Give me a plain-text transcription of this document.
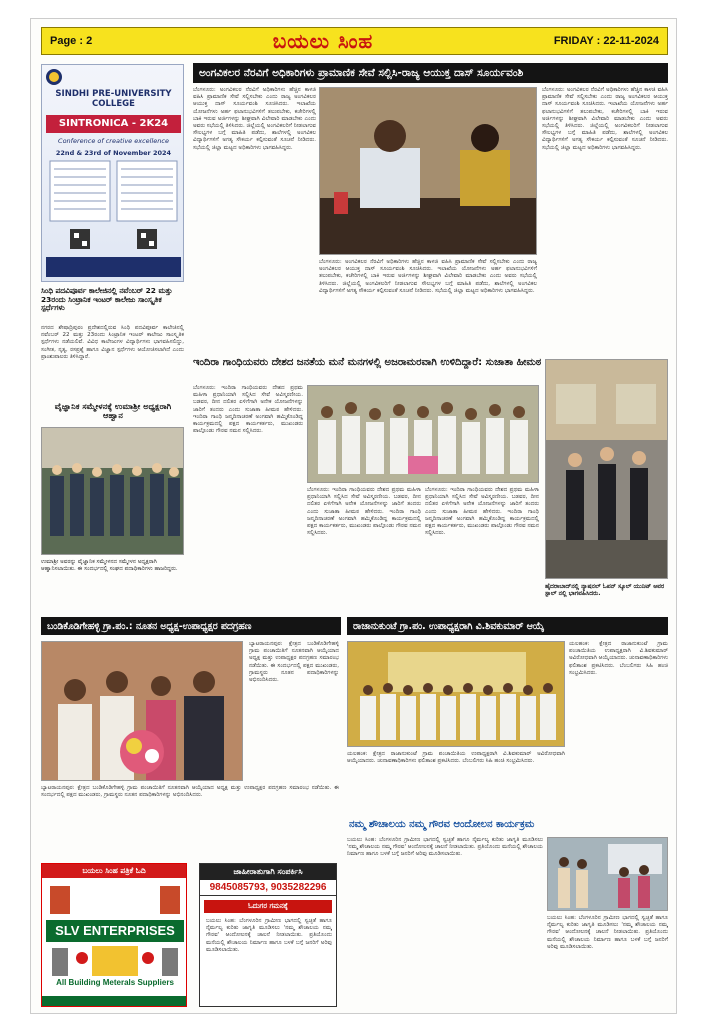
Page : 2	ಬಯಲು ಸಿಂಹ	FRIDAY : 22-11-2024
SINDHI PRE-UNIVERSITY COLLEGE
SINTRONICA - 2K24
Conference of creative excellence
22nd & 23rd of November 2024
ಸಿಂಧಿ ಪದವಿಪೂರ್ವ ಕಾಲೇಜಿನಲ್ಲಿ ನವೆಂಬರ್ 22 ಮತ್ತು 23ರಂದು ಸಿಂಟ್ರಾನಿಕ ಇಂಟರ್ ಕಾಲೇಜು ಸಾಂಸ್ಕೃತಿಕ ಸ್ಪರ್ಧೆಗಳು
ನಗರದ ಶೇಷಾದ್ರಿಪುರಂ ಪ್ರದೇಶದಲ್ಲಿರುವ ಸಿಂಧಿ ಪದವಿಪೂರ್ವ ಕಾಲೇಜಿನಲ್ಲಿ ನವೆಂಬರ್ 22 ಮತ್ತು 23ರಂದು ಸಿಂಟ್ರಾನಿಕ ಇಂಟರ್ ಕಾಲೇಜು ಸಾಂಸ್ಕೃತಿಕ ಸ್ಪರ್ಧೆಗಳು ನಡೆಯಲಿವೆ. ವಿವಿಧ ಕಾಲೇಜುಗಳ ವಿದ್ಯಾರ್ಥಿಗಳು ಭಾಗವಹಿಸಲಿದ್ದು, ಸಂಗೀತ, ನೃತ್ಯ, ರಸಪ್ರಶ್ನೆ ಹಾಗೂ ವಿಜ್ಞಾನ ಸ್ಪರ್ಧೆಗಳು ಆಯೋಜಿಸಲಾಗಿದೆ ಎಂದು ಪ್ರಾಂಶುಪಾಲರು ತಿಳಿಸಿದ್ದಾರೆ.
ವೈಜ್ಞಾನಿಕ ಸಮ್ಮೇಳನಕ್ಕೆ ಉಮಾಶ್ರೀ ಅಧ್ಯಕ್ಷರಾಗಿ ಆಹ್ವಾನ
ಉಮಾಶ್ರೀ ಅವರನ್ನು ವೈಜ್ಞಾನಿಕ ಸಮ್ಮೇಳನದ ಸಮ್ಮೇಳನ ಅಧ್ಯಕ್ಷರಾಗಿ ಆಹ್ವಾನಿಸಲಾಯಿತು. ಈ ಸಂದರ್ಭದಲ್ಲಿ ಸಂಘದ ಪದಾಧಿಕಾರಿಗಳು ಹಾಜರಿದ್ದರು.
ಅಂಗವಿಕಲರ ನೆರವಿಗೆ ಅಧಿಕಾರಿಗಳು ಪ್ರಾಮಾಣಿಕ ಸೇವೆ ಸಲ್ಲಿಸಿ-ರಾಜ್ಯ ಆಯುಕ್ತ ದಾಸ್ ಸೂರ್ಯವಂಶಿ
ಬೆಂಗಳೂರು: ಅಂಗವಿಕಲರ ನೆರವಿಗೆ ಅಧಿಕಾರಿಗಳು ಹೆಚ್ಚಿನ ಕಾಳಜಿ ವಹಿಸಿ ಪ್ರಾಮಾಣಿಕ ಸೇವೆ ಸಲ್ಲಿಸಬೇಕು ಎಂದು ರಾಜ್ಯ ಅಂಗವಿಕಲರ ಆಯುಕ್ತ ದಾಸ್ ಸೂರ್ಯವಂಶಿ ಸೂಚಿಸಿದರು. ಇಲಾಖೆಯ ಯೋಜನೆಗಳು ಅರ್ಹ ಫಲಾನುಭವಿಗಳಿಗೆ ತಲುಪಬೇಕು, ಕಚೇರಿಗಳಲ್ಲಿ ಬಾಕಿ ಇರುವ ಅರ್ಜಿಗಳನ್ನು ಶೀಘ್ರವಾಗಿ ವಿಲೇವಾರಿ ಮಾಡಬೇಕು ಎಂದು ಅವರು ಸಭೆಯಲ್ಲಿ ತಿಳಿಸಿದರು. ಜಿಲ್ಲೆಯಲ್ಲಿ ಅಂಗವಿಕಲರಿಗೆ ನೀಡಲಾಗುವ ಸೌಲಭ್ಯಗಳ ಬಗ್ಗೆ ಮಾಹಿತಿ ಪಡೆದು, ಶಾಲೆಗಳಲ್ಲಿ ಅಂಗವಿಕಲ ವಿದ್ಯಾರ್ಥಿಗಳಿಗೆ ಅಗತ್ಯ ಸೌಕರ್ಯ ಕಲ್ಪಿಸುವಂತೆ ಸೂಚನೆ ನೀಡಿದರು. ಸಭೆಯಲ್ಲಿ ಜಿಲ್ಲಾ ಮಟ್ಟದ ಅಧಿಕಾರಿಗಳು ಭಾಗವಹಿಸಿದ್ದರು.
ಬೆಂಗಳೂರು: ಅಂಗವಿಕಲರ ನೆರವಿಗೆ ಅಧಿಕಾರಿಗಳು ಹೆಚ್ಚಿನ ಕಾಳಜಿ ವಹಿಸಿ ಪ್ರಾಮಾಣಿಕ ಸೇವೆ ಸಲ್ಲಿಸಬೇಕು ಎಂದು ರಾಜ್ಯ ಅಂಗವಿಕಲರ ಆಯುಕ್ತ ದಾಸ್ ಸೂರ್ಯವಂಶಿ ಸೂಚಿಸಿದರು. ಇಲಾಖೆಯ ಯೋಜನೆಗಳು ಅರ್ಹ ಫಲಾನುಭವಿಗಳಿಗೆ ತಲುಪಬೇಕು, ಕಚೇರಿಗಳಲ್ಲಿ ಬಾಕಿ ಇರುವ ಅರ್ಜಿಗಳನ್ನು ಶೀಘ್ರವಾಗಿ ವಿಲೇವಾರಿ ಮಾಡಬೇಕು ಎಂದು ಅವರು ಸಭೆಯಲ್ಲಿ ತಿಳಿಸಿದರು. ಜಿಲ್ಲೆಯಲ್ಲಿ ಅಂಗವಿಕಲರಿಗೆ ನೀಡಲಾಗುವ ಸೌಲಭ್ಯಗಳ ಬಗ್ಗೆ ಮಾಹಿತಿ ಪಡೆದು, ಶಾಲೆಗಳಲ್ಲಿ ಅಂಗವಿಕಲ ವಿದ್ಯಾರ್ಥಿಗಳಿಗೆ ಅಗತ್ಯ ಸೌಕರ್ಯ ಕಲ್ಪಿಸುವಂತೆ ಸೂಚನೆ ನೀಡಿದರು. ಸಭೆಯಲ್ಲಿ ಜಿಲ್ಲಾ ಮಟ್ಟದ ಅಧಿಕಾರಿಗಳು ಭಾಗವಹಿಸಿದ್ದರು.
ಬೆಂಗಳೂರು: ಅಂಗವಿಕಲರ ನೆರವಿಗೆ ಅಧಿಕಾರಿಗಳು ಹೆಚ್ಚಿನ ಕಾಳಜಿ ವಹಿಸಿ ಪ್ರಾಮಾಣಿಕ ಸೇವೆ ಸಲ್ಲಿಸಬೇಕು ಎಂದು ರಾಜ್ಯ ಅಂಗವಿಕಲರ ಆಯುಕ್ತ ದಾಸ್ ಸೂರ್ಯವಂಶಿ ಸೂಚಿಸಿದರು. ಇಲಾಖೆಯ ಯೋಜನೆಗಳು ಅರ್ಹ ಫಲಾನುಭವಿಗಳಿಗೆ ತಲುಪಬೇಕು, ಕಚೇರಿಗಳಲ್ಲಿ ಬಾಕಿ ಇರುವ ಅರ್ಜಿಗಳನ್ನು ಶೀಘ್ರವಾಗಿ ವಿಲೇವಾರಿ ಮಾಡಬೇಕು ಎಂದು ಅವರು ಸಭೆಯಲ್ಲಿ ತಿಳಿಸಿದರು. ಜಿಲ್ಲೆಯಲ್ಲಿ ಅಂಗವಿಕಲರಿಗೆ ನೀಡಲಾಗುವ ಸೌಲಭ್ಯಗಳ ಬಗ್ಗೆ ಮಾಹಿತಿ ಪಡೆದು, ಶಾಲೆಗಳಲ್ಲಿ ಅಂಗವಿಕಲ ವಿದ್ಯಾರ್ಥಿಗಳಿಗೆ ಅಗತ್ಯ ಸೌಕರ್ಯ ಕಲ್ಪಿಸುವಂತೆ ಸೂಚನೆ ನೀಡಿದರು. ಸಭೆಯಲ್ಲಿ ಜಿಲ್ಲಾ ಮಟ್ಟದ ಅಧಿಕಾರಿಗಳು ಭಾಗವಹಿಸಿದ್ದರು.
ಇಂದಿರಾ ಗಾಂಧಿಯವರು ದೇಶದ ಜನತೆಯ ಮನೆ ಮನಗಳಲ್ಲಿ ಅಜರಾಮರವಾಗಿ ಉಳಿದಿದ್ದಾರೆ: ಸುಜಾತಾ ಹೀಮಠ
ಬೆಂಗಳೂರು: ಇಂದಿರಾ ಗಾಂಧಿಯವರು ದೇಶದ ಪ್ರಥಮ ಮಹಿಳಾ ಪ್ರಧಾನಿಯಾಗಿ ಸಲ್ಲಿಸಿದ ಸೇವೆ ಅವಿಸ್ಮರಣೀಯ. ಬಡವರ, ದೀನ ದಲಿತರ ಏಳಿಗೆಗಾಗಿ ಅನೇಕ ಯೋಜನೆಗಳನ್ನು ಜಾರಿಗೆ ತಂದರು ಎಂದು ಸುಜಾತಾ ಹೀಮಠ ಹೇಳಿದರು. ಇಂದಿರಾ ಗಾಂಧಿ ಜನ್ಮದಿನಾಚರಣೆ ಅಂಗವಾಗಿ ಹಮ್ಮಿಕೊಂಡಿದ್ದ ಕಾರ್ಯಕ್ರಮದಲ್ಲಿ ಪಕ್ಷದ ಕಾರ್ಯಕರ್ತರು, ಮುಖಂಡರು ಪಾಲ್ಗೊಂಡು ಗೌರವ ನಮನ ಸಲ್ಲಿಸಿದರು.
ಬೆಂಗಳೂರು: ಇಂದಿರಾ ಗಾಂಧಿಯವರು ದೇಶದ ಪ್ರಥಮ ಮಹಿಳಾ ಪ್ರಧಾನಿಯಾಗಿ ಸಲ್ಲಿಸಿದ ಸೇವೆ ಅವಿಸ್ಮರಣೀಯ. ಬಡವರ, ದೀನ ದಲಿತರ ಏಳಿಗೆಗಾಗಿ ಅನೇಕ ಯೋಜನೆಗಳನ್ನು ಜಾರಿಗೆ ತಂದರು ಎಂದು ಸುಜಾತಾ ಹೀಮಠ ಹೇಳಿದರು. ಇಂದಿರಾ ಗಾಂಧಿ ಜನ್ಮದಿನಾಚರಣೆ ಅಂಗವಾಗಿ ಹಮ್ಮಿಕೊಂಡಿದ್ದ ಕಾರ್ಯಕ್ರಮದಲ್ಲಿ ಪಕ್ಷದ ಕಾರ್ಯಕರ್ತರು, ಮುಖಂಡರು ಪಾಲ್ಗೊಂಡು ಗೌರವ ನಮನ ಸಲ್ಲಿಸಿದರು.
ಬೆಂಗಳೂರು: ಇಂದಿರಾ ಗಾಂಧಿಯವರು ದೇಶದ ಪ್ರಥಮ ಮಹಿಳಾ ಪ್ರಧಾನಿಯಾಗಿ ಸಲ್ಲಿಸಿದ ಸೇವೆ ಅವಿಸ್ಮರಣೀಯ. ಬಡವರ, ದೀನ ದಲಿತರ ಏಳಿಗೆಗಾಗಿ ಅನೇಕ ಯೋಜನೆಗಳನ್ನು ಜಾರಿಗೆ ತಂದರು ಎಂದು ಸುಜಾತಾ ಹೀಮಠ ಹೇಳಿದರು. ಇಂದಿರಾ ಗಾಂಧಿ ಜನ್ಮದಿನಾಚರಣೆ ಅಂಗವಾಗಿ ಹಮ್ಮಿಕೊಂಡಿದ್ದ ಕಾರ್ಯಕ್ರಮದಲ್ಲಿ ಪಕ್ಷದ ಕಾರ್ಯಕರ್ತರು, ಮುಖಂಡರು ಪಾಲ್ಗೊಂಡು ಗೌರವ ನಮನ ಸಲ್ಲಿಸಿದರು.
ಹೈದರಾಬಾದ್‌ನಲ್ಲಿ ನ್ಯಾಷನಲ್ ಓಪನ್ ಸ್ಕೂಲ್ ಯುನಿಟ್ ಅವರ ಸ್ಟಾಲ್ ನಲ್ಲಿ ಭಾಗವಹಿಸಿದರು.
ಬಂಡಿಕೊಡಿಗೇಹಳ್ಳಿ ಗ್ರಾ.ಪಂ.: ನೂತನ ಅಧ್ಯಕ್ಷ-ಉಪಾಧ್ಯಕ್ಷರ ಪದಗ್ರಹಣ
ಬ್ಯಾಟರಾಯನಪುರ: ಕ್ಷೇತ್ರದ ಬಂಡಿಕೊಡಿಗೇಹಳ್ಳಿ ಗ್ರಾಮ ಪಂಚಾಯಿತಿಗೆ ನೂತನವಾಗಿ ಆಯ್ಕೆಯಾದ ಅಧ್ಯಕ್ಷ ಮತ್ತು ಉಪಾಧ್ಯಕ್ಷರ ಪದಗ್ರಹಣ ಸಮಾರಂಭ ನಡೆಯಿತು. ಈ ಸಂದರ್ಭದಲ್ಲಿ ಪಕ್ಷದ ಮುಖಂಡರು, ಗ್ರಾಮಸ್ಥರು ನೂತನ ಪದಾಧಿಕಾರಿಗಳನ್ನು ಅಭಿನಂದಿಸಿದರು.
ಬ್ಯಾಟರಾಯನಪುರ: ಕ್ಷೇತ್ರದ ಬಂಡಿಕೊಡಿಗೇಹಳ್ಳಿ ಗ್ರಾಮ ಪಂಚಾಯಿತಿಗೆ ನೂತನವಾಗಿ ಆಯ್ಕೆಯಾದ ಅಧ್ಯಕ್ಷ ಮತ್ತು ಉಪಾಧ್ಯಕ್ಷರ ಪದಗ್ರಹಣ ಸಮಾರಂಭ ನಡೆಯಿತು. ಈ ಸಂದರ್ಭದಲ್ಲಿ ಪಕ್ಷದ ಮುಖಂಡರು, ಗ್ರಾಮಸ್ಥರು ನೂತನ ಪದಾಧಿಕಾರಿಗಳನ್ನು ಅಭಿನಂದಿಸಿದರು.
ರಾಜಾನುಕುಂಟೆ ಗ್ರಾ.ಪಂ. ಉಪಾಧ್ಯಕ್ಷರಾಗಿ ವಿ.ಶಿವಕುಮಾರ್ ಆಯ್ಕೆ
ಯಲಹಂಕ: ಕ್ಷೇತ್ರದ ರಾಜಾನುಕುಂಟೆ ಗ್ರಾಮ ಪಂಚಾಯಿತಿಯ ಉಪಾಧ್ಯಕ್ಷರಾಗಿ ವಿ.ಶಿವಕುಮಾರ್ ಅವಿರೋಧವಾಗಿ ಆಯ್ಕೆಯಾದರು. ಚುನಾವಣಾಧಿಕಾರಿಗಳು ಫಲಿತಾಂಶ ಪ್ರಕಟಿಸಿದರು. ಬೆಂಬಲಿಗರು ಸಿಹಿ ಹಂಚಿ ಸಂಭ್ರಮಿಸಿದರು.
ಯಲಹಂಕ: ಕ್ಷೇತ್ರದ ರಾಜಾನುಕುಂಟೆ ಗ್ರಾಮ ಪಂಚಾಯಿತಿಯ ಉಪಾಧ್ಯಕ್ಷರಾಗಿ ವಿ.ಶಿವಕುಮಾರ್ ಅವಿರೋಧವಾಗಿ ಆಯ್ಕೆಯಾದರು. ಚುನಾವಣಾಧಿಕಾರಿಗಳು ಫಲಿತಾಂಶ ಪ್ರಕಟಿಸಿದರು. ಬೆಂಬಲಿಗರು ಸಿಹಿ ಹಂಚಿ ಸಂಭ್ರಮಿಸಿದರು.
ನಮ್ಮ ಶೌಚಾಲಯ ನಮ್ಮ ಗೌರವ ಆಂದೋಲನ ಕಾರ್ಯಕ್ರಮ
ಬಯಲು ಸಿಂಹ: ಬೆಂಗಳೂರಿನ ಗ್ರಾಮೀಣ ಭಾಗದಲ್ಲಿ ಸ್ವಚ್ಛತೆ ಹಾಗೂ ನೈರ್ಮಲ್ಯ ಕುರಿತು ಜಾಗೃತಿ ಮೂಡಿಸಲು 'ನಮ್ಮ ಶೌಚಾಲಯ ನಮ್ಮ ಗೌರವ' ಆಂದೋಲನಕ್ಕೆ ಚಾಲನೆ ನೀಡಲಾಯಿತು. ಪ್ರತಿಯೊಂದು ಮನೆಯಲ್ಲಿ ಶೌಚಾಲಯ ನಿರ್ಮಾಣ ಹಾಗೂ ಬಳಕೆ ಬಗ್ಗೆ ಜನರಿಗೆ ಅರಿವು ಮೂಡಿಸಲಾಯಿತು.
ಬಯಲು ಸಿಂಹ: ಬೆಂಗಳೂರಿನ ಗ್ರಾಮೀಣ ಭಾಗದಲ್ಲಿ ಸ್ವಚ್ಛತೆ ಹಾಗೂ ನೈರ್ಮಲ್ಯ ಕುರಿತು ಜಾಗೃತಿ ಮೂಡಿಸಲು 'ನಮ್ಮ ಶೌಚಾಲಯ ನಮ್ಮ ಗೌರವ' ಆಂದೋಲನಕ್ಕೆ ಚಾಲನೆ ನೀಡಲಾಯಿತು. ಪ್ರತಿಯೊಂದು ಮನೆಯಲ್ಲಿ ಶೌಚಾಲಯ ನಿರ್ಮಾಣ ಹಾಗೂ ಬಳಕೆ ಬಗ್ಗೆ ಜನರಿಗೆ ಅರಿವು ಮೂಡಿಸಲಾಯಿತು.
ಬಯಲು ಸಿಂಹ ಪತ್ರಿಕೆ ಓದಿ
SLV ENTERPRISES
All Building Meterals Suppliers
ಜಾಹೀರಾತುಗಾಗಿ ಸಂಪರ್ಕಿಸಿ
9845085793, 9035282296
ಓದುಗರ ಗಮನಕ್ಕೆ
ಬಯಲು ಸಿಂಹ: ಬೆಂಗಳೂರಿನ ಗ್ರಾಮೀಣ ಭಾಗದಲ್ಲಿ ಸ್ವಚ್ಛತೆ ಹಾಗೂ ನೈರ್ಮಲ್ಯ ಕುರಿತು ಜಾಗೃತಿ ಮೂಡಿಸಲು 'ನಮ್ಮ ಶೌಚಾಲಯ ನಮ್ಮ ಗೌರವ' ಆಂದೋಲನಕ್ಕೆ ಚಾಲನೆ ನೀಡಲಾಯಿತು. ಪ್ರತಿಯೊಂದು ಮನೆಯಲ್ಲಿ ಶೌಚಾಲಯ ನಿರ್ಮಾಣ ಹಾಗೂ ಬಳಕೆ ಬಗ್ಗೆ ಜನರಿಗೆ ಅರಿವು ಮೂಡಿಸಲಾಯಿತು.
